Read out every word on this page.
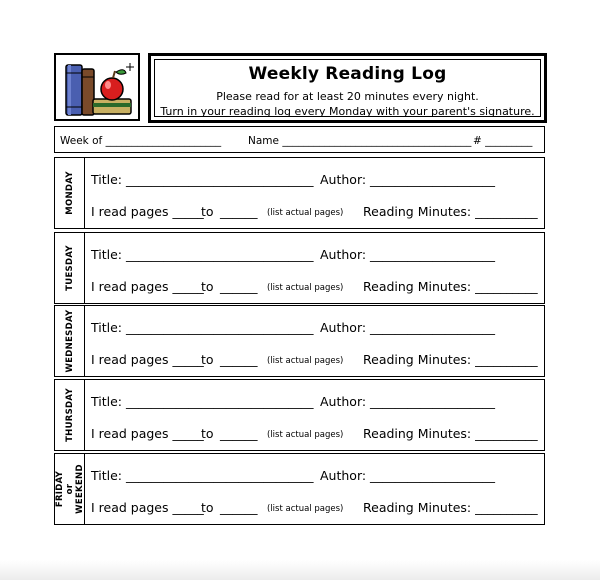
Weekly Reading Log
Please read for at least 20 minutes every night.
Turn in your reading log every Monday with your parent's signature.
Week of ______________________	Name ____________________________________ # _________
MONDAY Title: ______________________________ Author: ____________________
I read pages _____
to ______ (list actual pages) Reading Minutes: __________
TUESDAY Title: ______________________________ Author: ____________________
I read pages _____
to ______ (list actual pages) Reading Minutes: __________
WEDNESDAY Title: ______________________________ Author: ____________________
I read pages _____
to ______ (list actual pages) Reading Minutes: __________
THURSDAY Title: ______________________________ Author: ____________________
I read pages _____
to ______ (list actual pages) Reading Minutes: __________
FRIDAY or WEEKEND Title: ______________________________ Author: ____________________
I read pages _____
to ______ (list actual pages) Reading Minutes: __________
